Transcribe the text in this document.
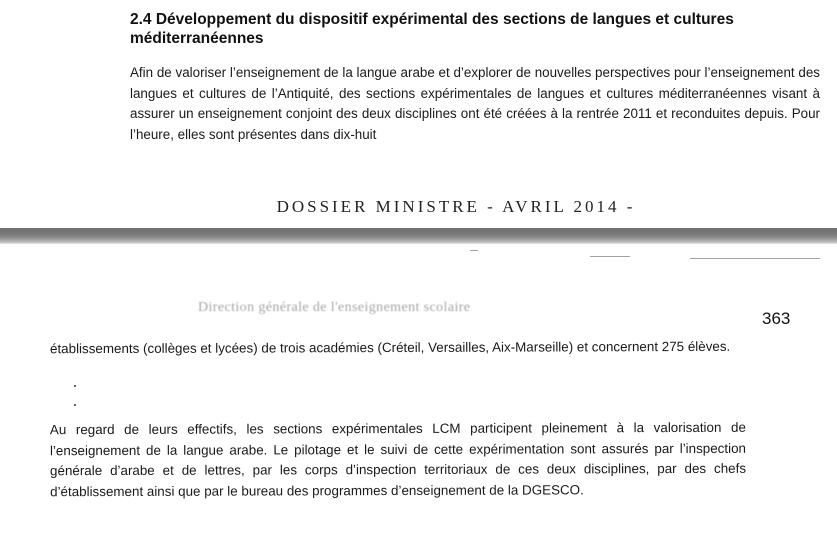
2.4 Développement du dispositif expérimental des sections de langues et cultures méditerranéennes

Afin de valoriser l’enseignement de la langue arabe et d’explorer de nouvelles perspectives pour l’enseignement des langues et cultures de l’Antiquité, des sections expérimentales de langues et cultures méditerranéennes visant à assurer un enseignement conjoint des deux disciplines ont été créées à la rentrée 2011 et reconduites depuis. Pour l’heure, elles sont présentes dans dix-huit

DOSSIER MINISTRE - AVRIL 2014 -
Direction générale de l'enseignement scolaire
363

établissements (collèges et lycées) de trois académies (Créteil, Versailles, Aix-Marseille) et concernent 275 élèves.

Au regard de leurs effectifs, les sections expérimentales LCM participent pleinement à la valorisation de l’enseignement de la langue arabe. Le pilotage et le suivi de cette expérimentation sont assurés par l’inspection générale d’arabe et de lettres, par les corps d’inspection territoriaux de ces deux disciplines, par des chefs d’établissement ainsi que par le bureau des programmes d’enseignement de la DGESCO.
